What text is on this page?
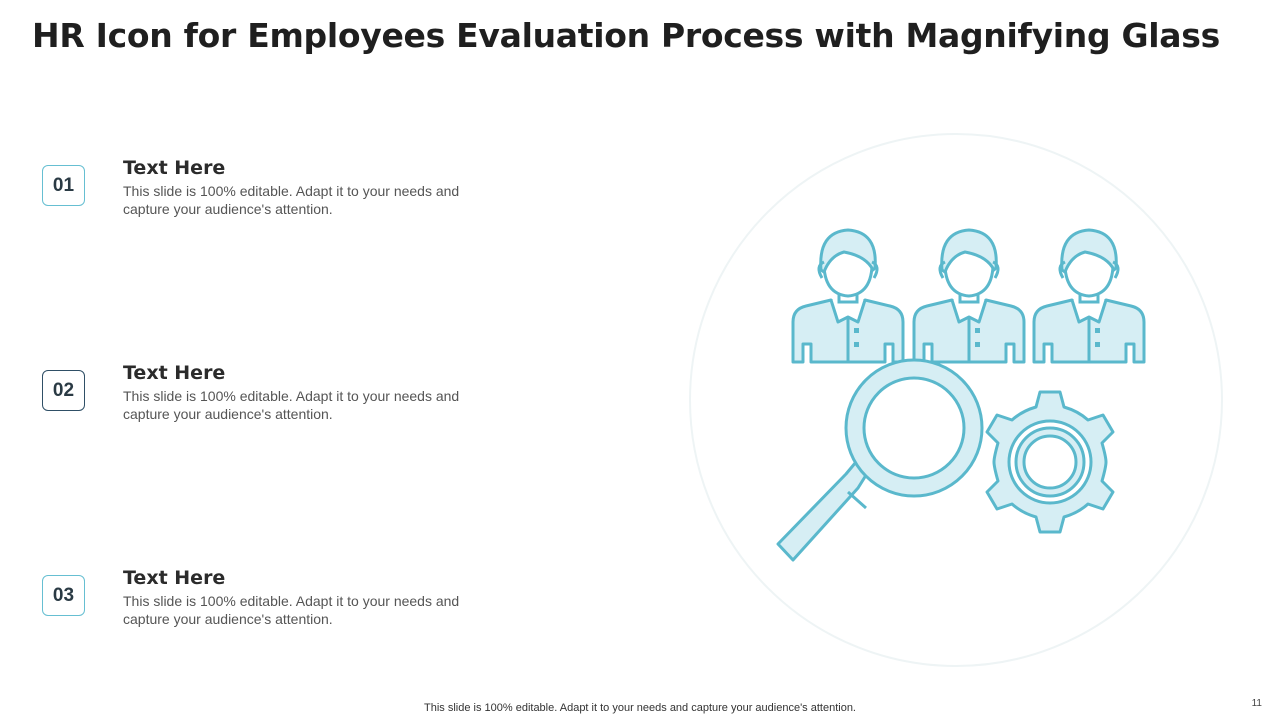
HR Icon for Employees Evaluation Process with Magnifying Glass
01
Text Here
This slide is 100% editable. Adapt it to your needs and capture your audience's attention.
02
Text Here
This slide is 100% editable. Adapt it to your needs and capture your audience's attention.
03
Text Here
This slide is 100% editable. Adapt it to your needs and capture your audience's attention.
This slide is 100% editable. Adapt it to your needs and capture your audience's attention.	11
